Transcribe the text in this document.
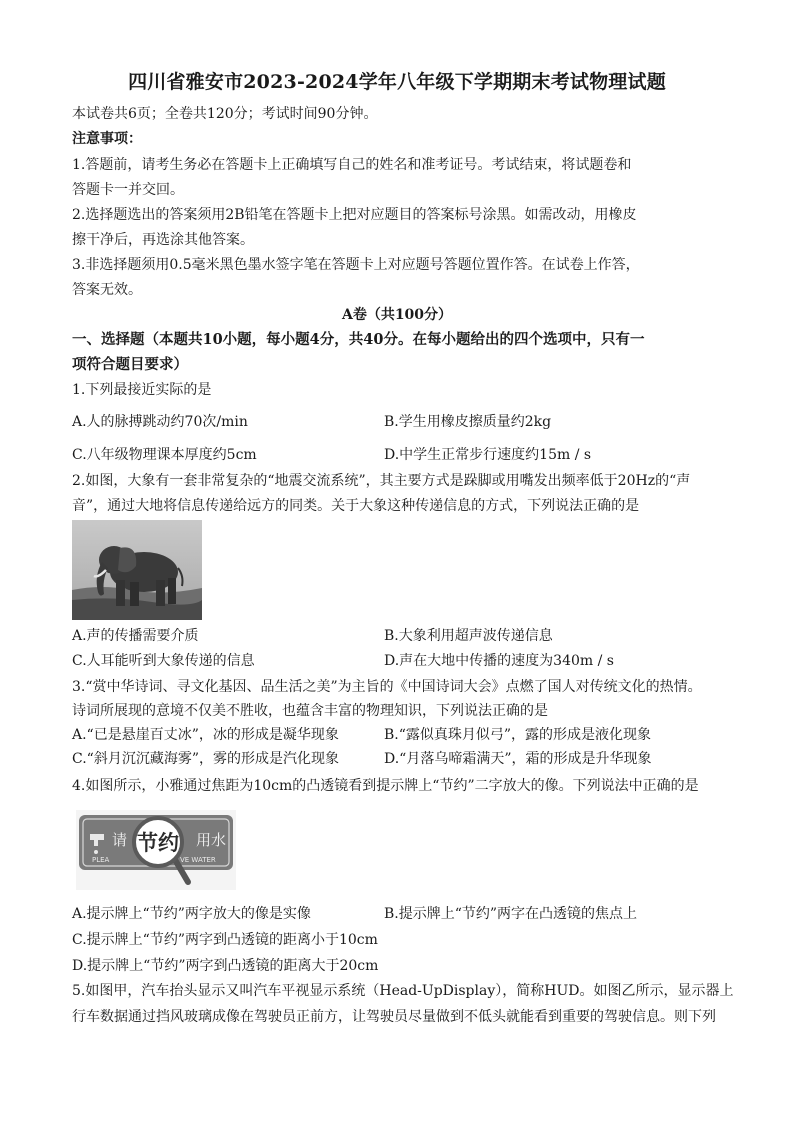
四川省雅安市2023-2024学年八年级下学期期末考试物理试题
本试卷共6页；全卷共120分；考试时间90分钟。
注意事项：
1.答题前，请考生务必在答题卡上正确填写自己的姓名和准考证号。考试结束，将试题卷和
答题卡一并交回。
2.选择题选出的答案须用2B铅笔在答题卡上把对应题目的答案标号涂黑。如需改动，用橡皮
擦干净后，再选涂其他答案。
3.非选择题须用0.5毫米黑色墨水签字笔在答题卡上对应题号答题位置作答。在试卷上作答，
答案无效。
A卷（共100分）
一、选择题（本题共10小题，每小题4分，共40分。在每小题给出的四个选项中，只有一
项符合题目要求）
1.下列最接近实际的是
A.人的脉搏跳动约70次/min	B.学生用橡皮擦质量约2kg
C.八年级物理课本厚度约5cm	D.中学生正常步行速度约15m / s
2.如图，大象有一套非常复杂的“地震交流系统”，其主要方式是跺脚或用嘴发出频率低于20Hz的“声
音”，通过大地将信息传递给远方的同类。关于大象这种传递信息的方式，下列说法正确的是
A.声的传播需要介质	B.大象利用超声波传递信息
C.人耳能听到大象传递的信息	D.声在大地中传播的速度为340m / s
3.“赏中华诗词、寻文化基因、品生活之美”为主旨的《中国诗词大会》点燃了国人对传统文化的热情。
诗词所展现的意境不仅美不胜收，也蕴含丰富的物理知识，下列说法正确的是
A.“已是悬崖百丈冰”，冰的形成是凝华现象	B.“露似真珠月似弓”，露的形成是液化现象
C.“斜月沉沉藏海雾”，雾的形成是汽化现象	D.“月落乌啼霜满天”，霜的形成是升华现象
4.如图所示，小雅通过焦距为10cm的凸透镜看到提示牌上“节约”二字放大的像。下列说法中正确的是
请	用水
PLEA	VE WATER
节约
A.提示牌上“节约”两字放大的像是实像	B.提示牌上“节约”两字在凸透镜的焦点上
C.提示牌上“节约”两字到凸透镜的距离小于10cm
D.提示牌上“节约”两字到凸透镜的距离大于20cm
5.如图甲，汽车抬头显示又叫汽车平视显示系统（Head-UpDisplay），简称HUD。如图乙所示，显示器上
行车数据通过挡风玻璃成像在驾驶员正前方，让驾驶员尽量做到不低头就能看到重要的驾驶信息。则下列
